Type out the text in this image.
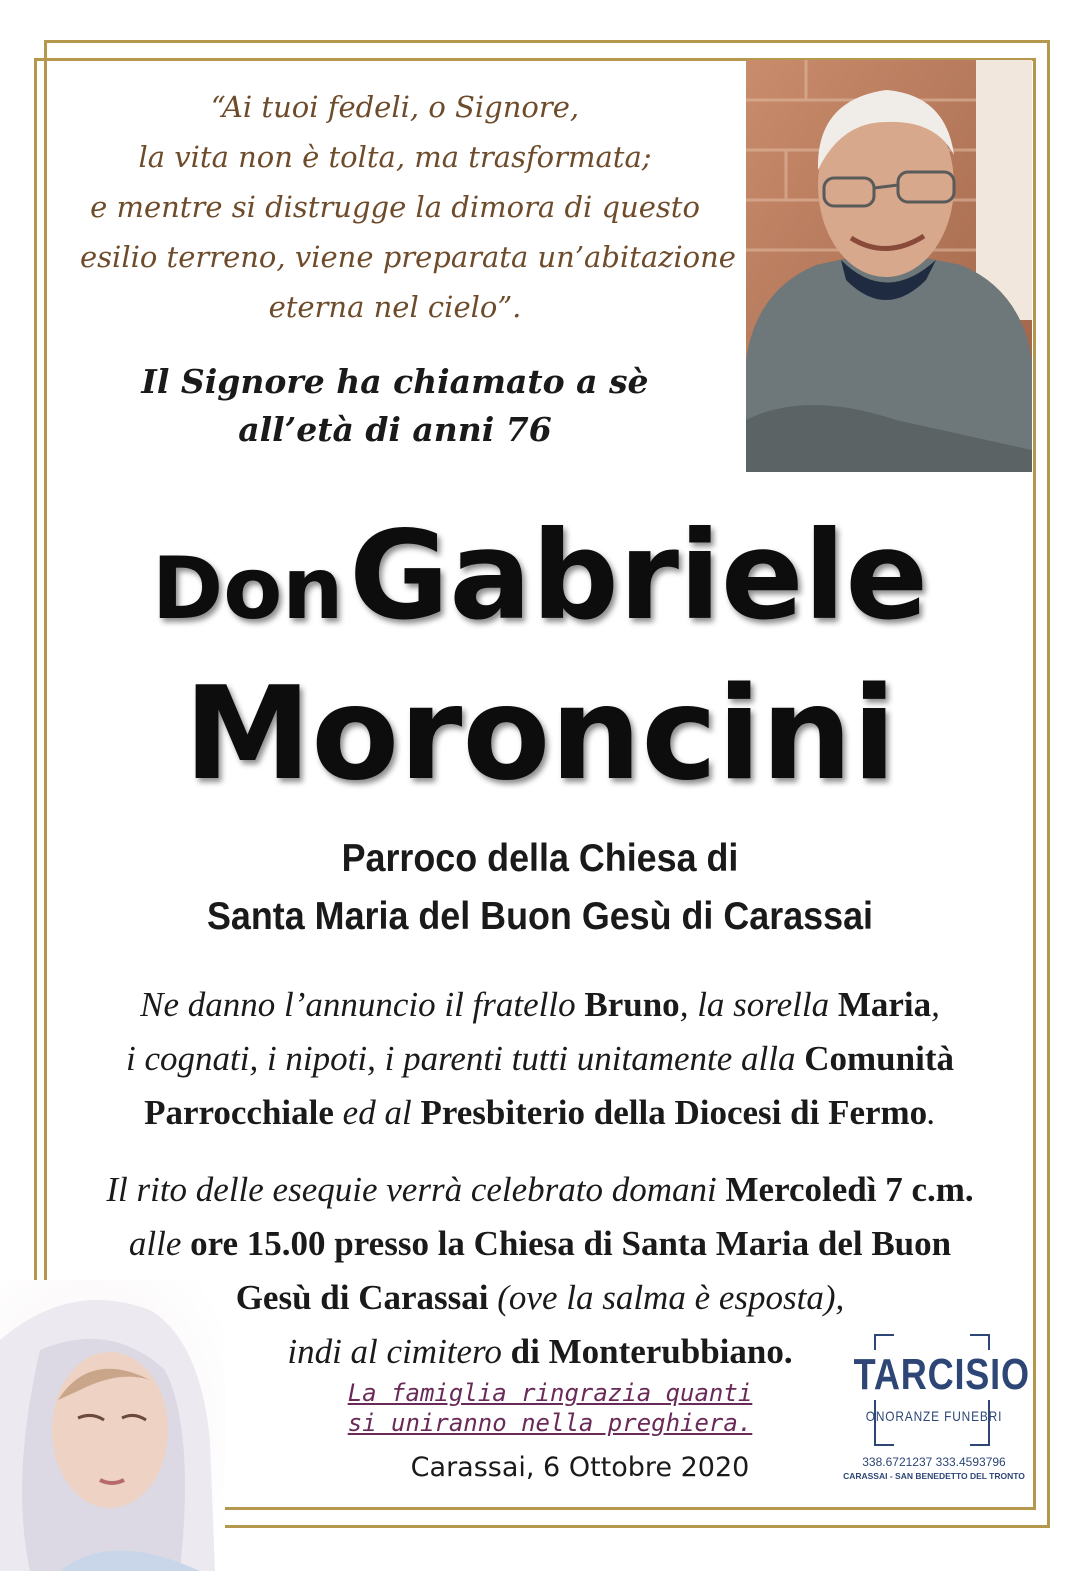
“Ai tuoi fedeli, o Signore,
la vita non è tolta, ma trasformata;
e mentre si distrugge la dimora di questo
esilio terreno, viene preparata un’abitazione
eterna nel cielo”.
Il Signore ha chiamato a sè
all’età di anni 76
Don Gabriele
Moroncini
Parroco della Chiesa di
Santa Maria del Buon Gesù di Carassai
Ne danno l’annuncio il fratello Bruno, la sorella Maria,
i cognati, i nipoti, i parenti tutti unitamente alla Comunità
Parrocchiale ed al Presbiterio della Diocesi di Fermo.
Il rito delle esequie verrà celebrato domani Mercoledì 7 c.m.
alle ore 15.00 presso la Chiesa di Santa Maria del Buon
Gesù di Carassai (ove la salma è esposta),
indi al cimitero di Monterubbiano.
La famiglia ringrazia quanti
si uniranno nella preghiera.
Carassai, 6 Ottobre 2020
TARCISIO
ONORANZE FUNEBRI
338.6721237 333.4593796
CARASSAI - SAN BENEDETTO DEL TRONTO
